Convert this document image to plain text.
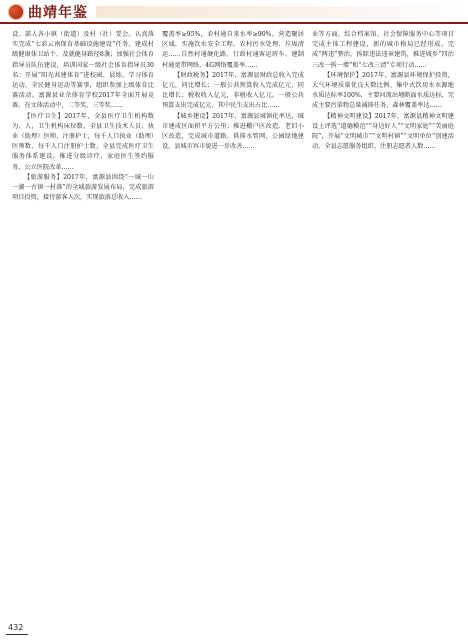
曲靖年鉴

设、部人各小镇（街道）及村（社）妥会。认真落实完成“七彩云南保育基础设施建设”任务，建成村级健康体卫站个、及就健身路径8盏；加强社会体育指导员队伍建设，培训国家一级社会体育指导员30名；开展“阳光共建体育”进校园、晨练、学习体育运动，全民健身运动等赛事，组织参加上级体育比赛活动。富源县业余体育学校2017年全面开展竞赛，在文体活动中，二等奖、三等奖……

【医疗卫生】2017年，全县医疗卫生机构数为、人，卫生机构床位数、全县卫生技术人员、执业（助理）医师、注册护士，每千人口执业（助理）医师数、每千人口注册护士数，全县完成医疗卫生服务体系建设，推进分级诊疗、家庭医生签约服务、公立医院改革……

【旅游服务】2017年，富源县围绕“一城一山一湖一古镇一村落”的全域旅游发展布局，完成旅游项目投资，接待游客人次，实现旅游总收入……

覆盖率≥95%，农村通自来水率≥90%，营造聚居区域，实施饮水安全工程、农村污水处理、垃圾清运……自然村通硬化路、行政村通客运班车、建制村通宽带网络，4G网络覆盖率……

【财政税务】2017年，富源县财政总收入完成亿元，同比增长；一般公共预算收入完成亿元，同比增长；税收收入亿元，非税收入亿元。一般公共预算支出完成亿元，其中民生支出占比……

【城乡建设】2017年，富源县城镇化率达，城市建成区面积平方公里；推进棚户区改造、老旧小区改造，完成城市道路、供排水管网、公园绿地建设，县城市容市貌进一步改善……

业等方面，综合档案馆、社会保障服务中心等项目完成主体工程建设，新的城市格局已经形成。完成“两违”整治，拆除违法违章建筑，推进城乡“四治三改一拆一增”和“七改三清”专项行动……

【环境保护】2017年，富源县环境保护投资，大气环境质量优良天数比例、集中式饮用水水源地水质达标率100%，主要河流出境断面水质达标，完成主要污染物总量减排任务，森林覆盖率达……

【精神文明建设】2017年，富源县精神文明建设上评选“道德模范”“身边好人”“文明家庭”“美丽庭院”，开展“文明城市”“文明村镇”“文明单位”创建活动，全县志愿服务组织、注册志愿者人数……

432
